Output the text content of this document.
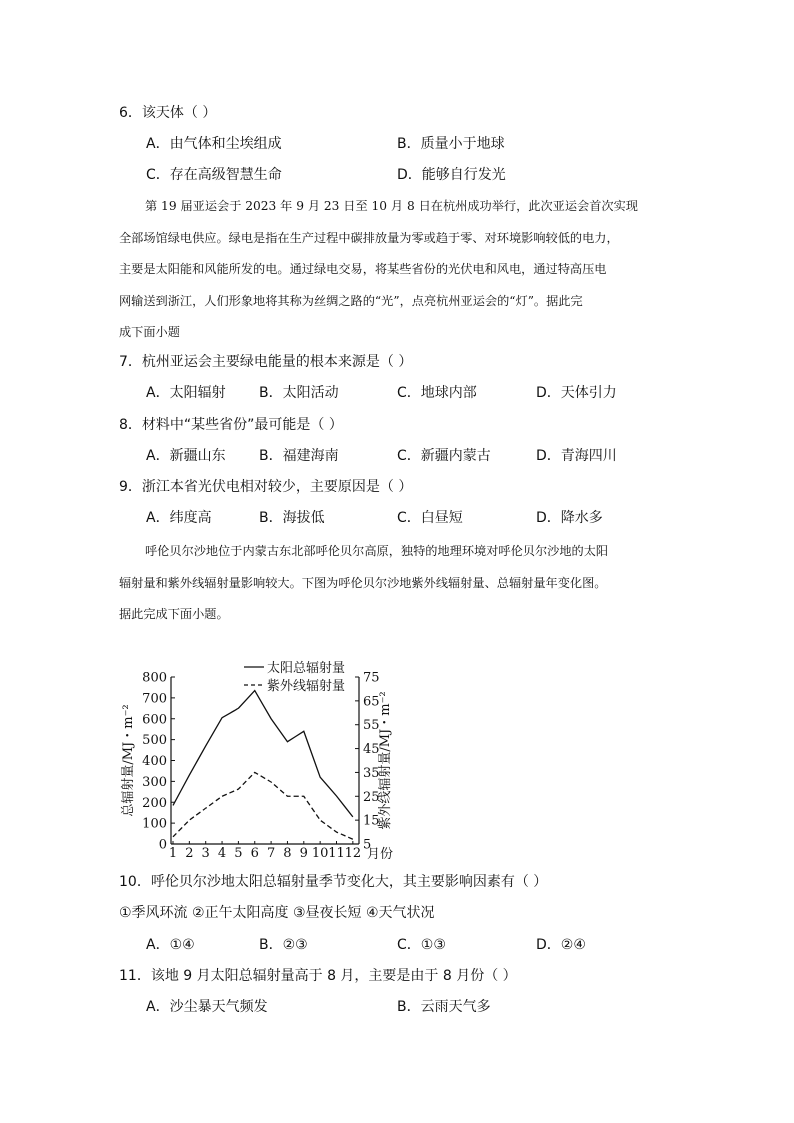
6．该天体（ ）
A．由气体和尘埃组成	B．质量小于地球
C．存在高级智慧生命	D．能够自行发光

第 19 届亚运会于 2023 年 9 月 23 日至 10 月 8 日在杭州成功举行，此次亚运会首次实现

全部场馆绿电供应。绿电是指在生产过程中碳排放量为零或趋于零、对环境影响较低的电力，

主要是太阳能和风能所发的电。通过绿电交易，将某些省份的光伏电和风电，通过特高压电

网输送到浙江，人们形象地将其称为丝绸之路的“光”，点亮杭州亚运会的“灯”。据此完

成下面小题

7．杭州亚运会主要绿电能量的根本来源是（ ）
A．太阳辐射 B．太阳活动	C．地球内部	D．天体引力
8．材料中“某些省份”最可能是（ ）
A．新疆山东 B．福建海南	C．新疆内蒙古	D．青海四川
9．浙江本省光伏电相对较少，主要原因是（ ）
A．纬度高	B．海拔低	C．白昼短	D．降水多

呼伦贝尔沙地位于内蒙古东北部呼伦贝尔高原，独特的地理环境对呼伦贝尔沙地的太阳

辐射量和紫外线辐射量影响较大。下图为呼伦贝尔沙地紫外线辐射量、总辐射量年变化图。

据此完成下面小题。

太阳总辐射量
紫外线辐射量
0
100
200
300
400
500
600
700
800
5
15
25
35
45
55
65
75
1 2 3 4 5 6 7 8 9 10 11 12
总辐射量/MJ・m⁻²	紫外线辐射量/MJ・m⁻²
月份
10．呼伦贝尔沙地太阳总辐射量季节变化大，其主要影响因素有（ ）
①季风环流 ②正午太阳高度 ③昼夜长短 ④天气状况
A．①④	B．②③	C．①③	D．②④
11．该地 9 月太阳总辐射量高于 8 月，主要是由于 8 月份（ ）
A．沙尘暴天气频发	B．云雨天气多
